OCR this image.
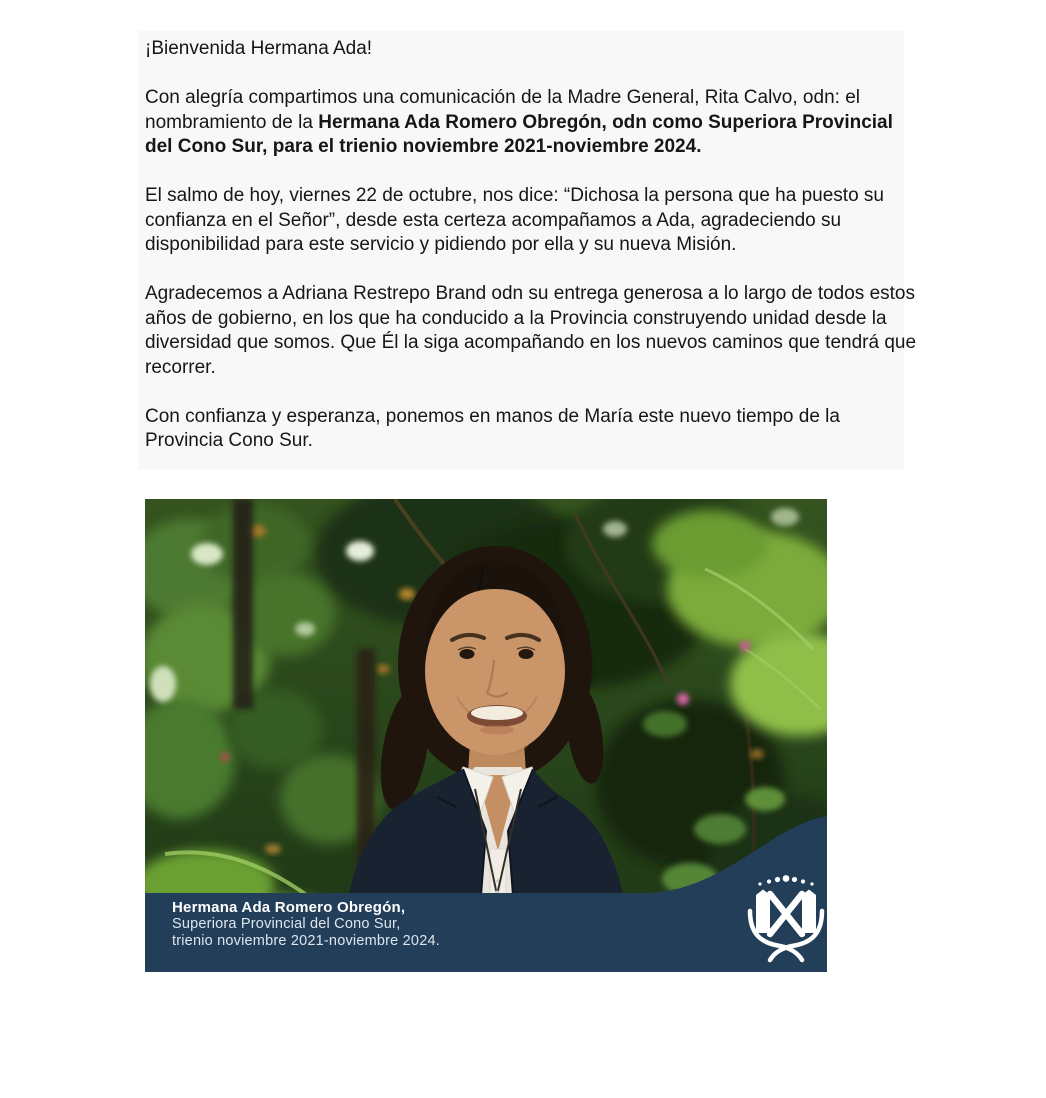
¡Bienvenida Hermana Ada!

Con alegría compartimos una comunicación de la Madre General, Rita Calvo, odn: el nombramiento de la Hermana Ada Romero Obregón, odn como Superiora Provincial del Cono Sur, para el trienio noviembre 2021-noviembre 2024.

El salmo de hoy, viernes 22 de octubre, nos dice: “Dichosa la persona que ha puesto su confianza en el Señor”, desde esta certeza acompañamos a Ada, agradeciendo su disponibilidad para este servicio y pidiendo por ella y su nueva Misión.

Agradecemos a Adriana Restrepo Brand odn su entrega generosa a lo largo de todos estos años de gobierno, en los que ha conducido a la Provincia construyendo unidad desde la diversidad que somos. Que Él la siga acompañando en los nuevos caminos que tendrá que recorrer.

Con confianza y esperanza, ponemos en manos de María este nuevo tiempo de la Provincia Cono Sur.

Hermana Ada Romero Obregón,
Superiora Provincial del Cono Sur,
trienio noviembre 2021-noviembre 2024.
